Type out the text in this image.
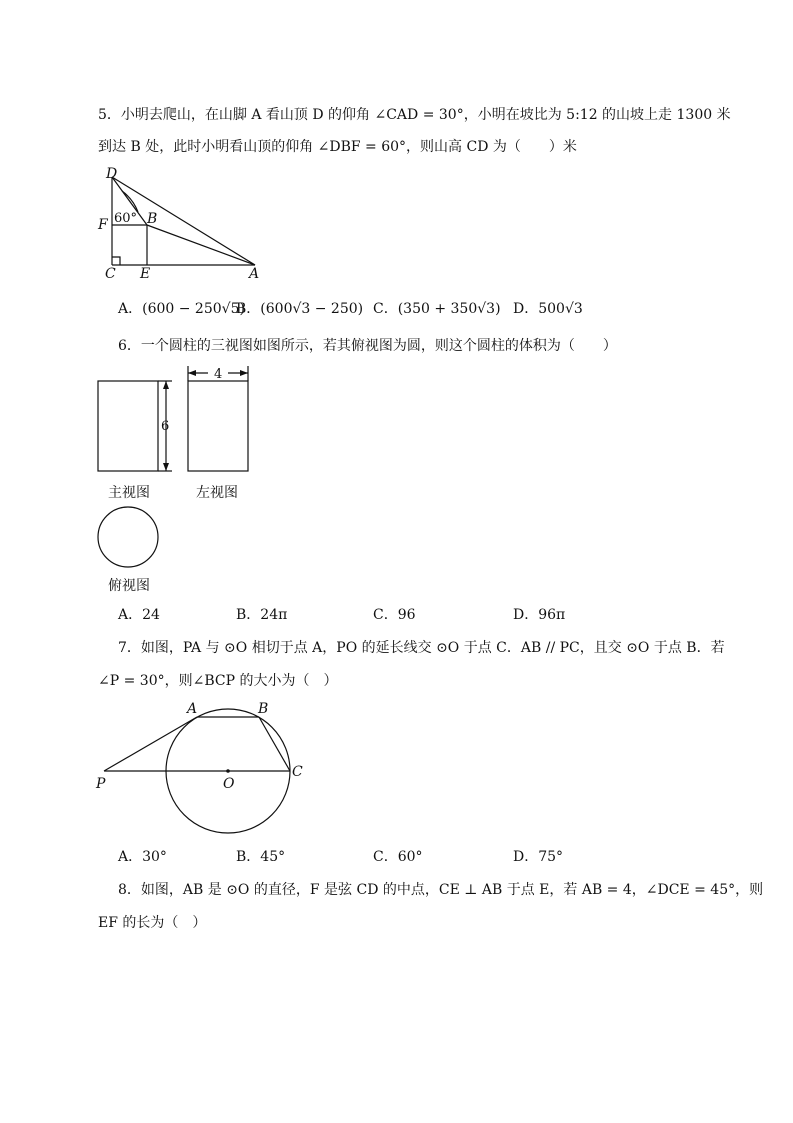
5．小明去爬山，在山脚 A 看山顶 D 的仰角 ∠CAD = 30°，小明在坡比为 5:12 的山坡上走 1300 米
到达 B 处，此时小明看山顶的仰角 ∠DBF = 60°，则山高 CD 为（　　）米
D
F 60° B
C E	A
A．(600 − 250√5)
B．(600√3 − 250) C．(350 + 350√3) D．500√3
6．一个圆柱的三视图如图所示，若其俯视图为圆，则这个圆柱的体积为（　　）
6
4
主视图	左视图
俯视图
A．24	B．24π	C．96	D．96π
7．如图，PA 与 ⊙O 相切于点 A，PO 的延长线交 ⊙O 于点 C．AB // PC，且交 ⊙O 于点 B．若
∠P = 30°，则∠BCP 的大小为（　）
P
A	B
O
C
A．30°	B．45°	C．60°	D．75°
8．如图，AB 是 ⊙O 的直径，F 是弦 CD 的中点，CE ⊥ AB 于点 E，若 AB = 4，∠DCE = 45°，则
EF 的长为（　）
